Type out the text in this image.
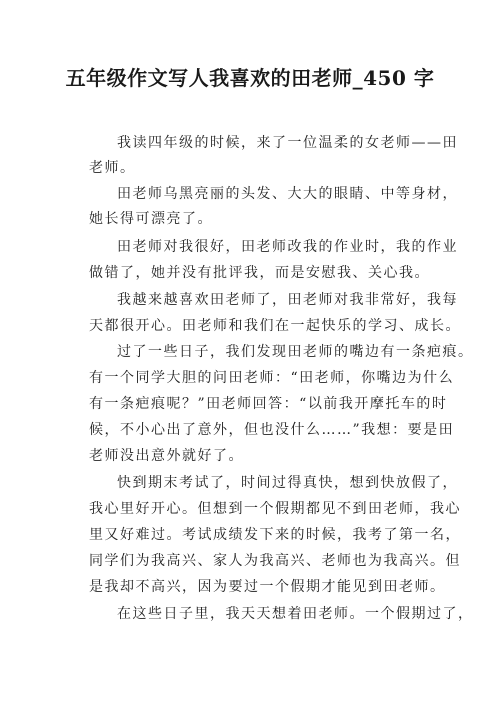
五年级作文写人我喜欢的田老师_450 字
我读四年级的时候，来了一位温柔的女老师——田
老师。
田老师乌黑亮丽的头发、大大的眼睛、中等身材，
她长得可漂亮了。
田老师对我很好，田老师改我的作业时，我的作业
做错了，她并没有批评我，而是安慰我、关心我。
我越来越喜欢田老师了，田老师对我非常好，我每
天都很开心。田老师和我们在一起快乐的学习、成长。
过了一些日子，我们发现田老师的嘴边有一条疤痕。
有一个同学大胆的问田老师：“田老师，你嘴边为什么
有一条疤痕呢？”田老师回答：“以前我开摩托车的时
候，不小心出了意外，但也没什么……”我想：要是田
老师没出意外就好了。
快到期末考试了，时间过得真快，想到快放假了，
我心里好开心。但想到一个假期都见不到田老师，我心
里又好难过。考试成绩发下来的时候，我考了第一名，
同学们为我高兴、家人为我高兴、老师也为我高兴。但
是我却不高兴，因为要过一个假期才能见到田老师。
在这些日子里，我天天想着田老师。一个假期过了，
